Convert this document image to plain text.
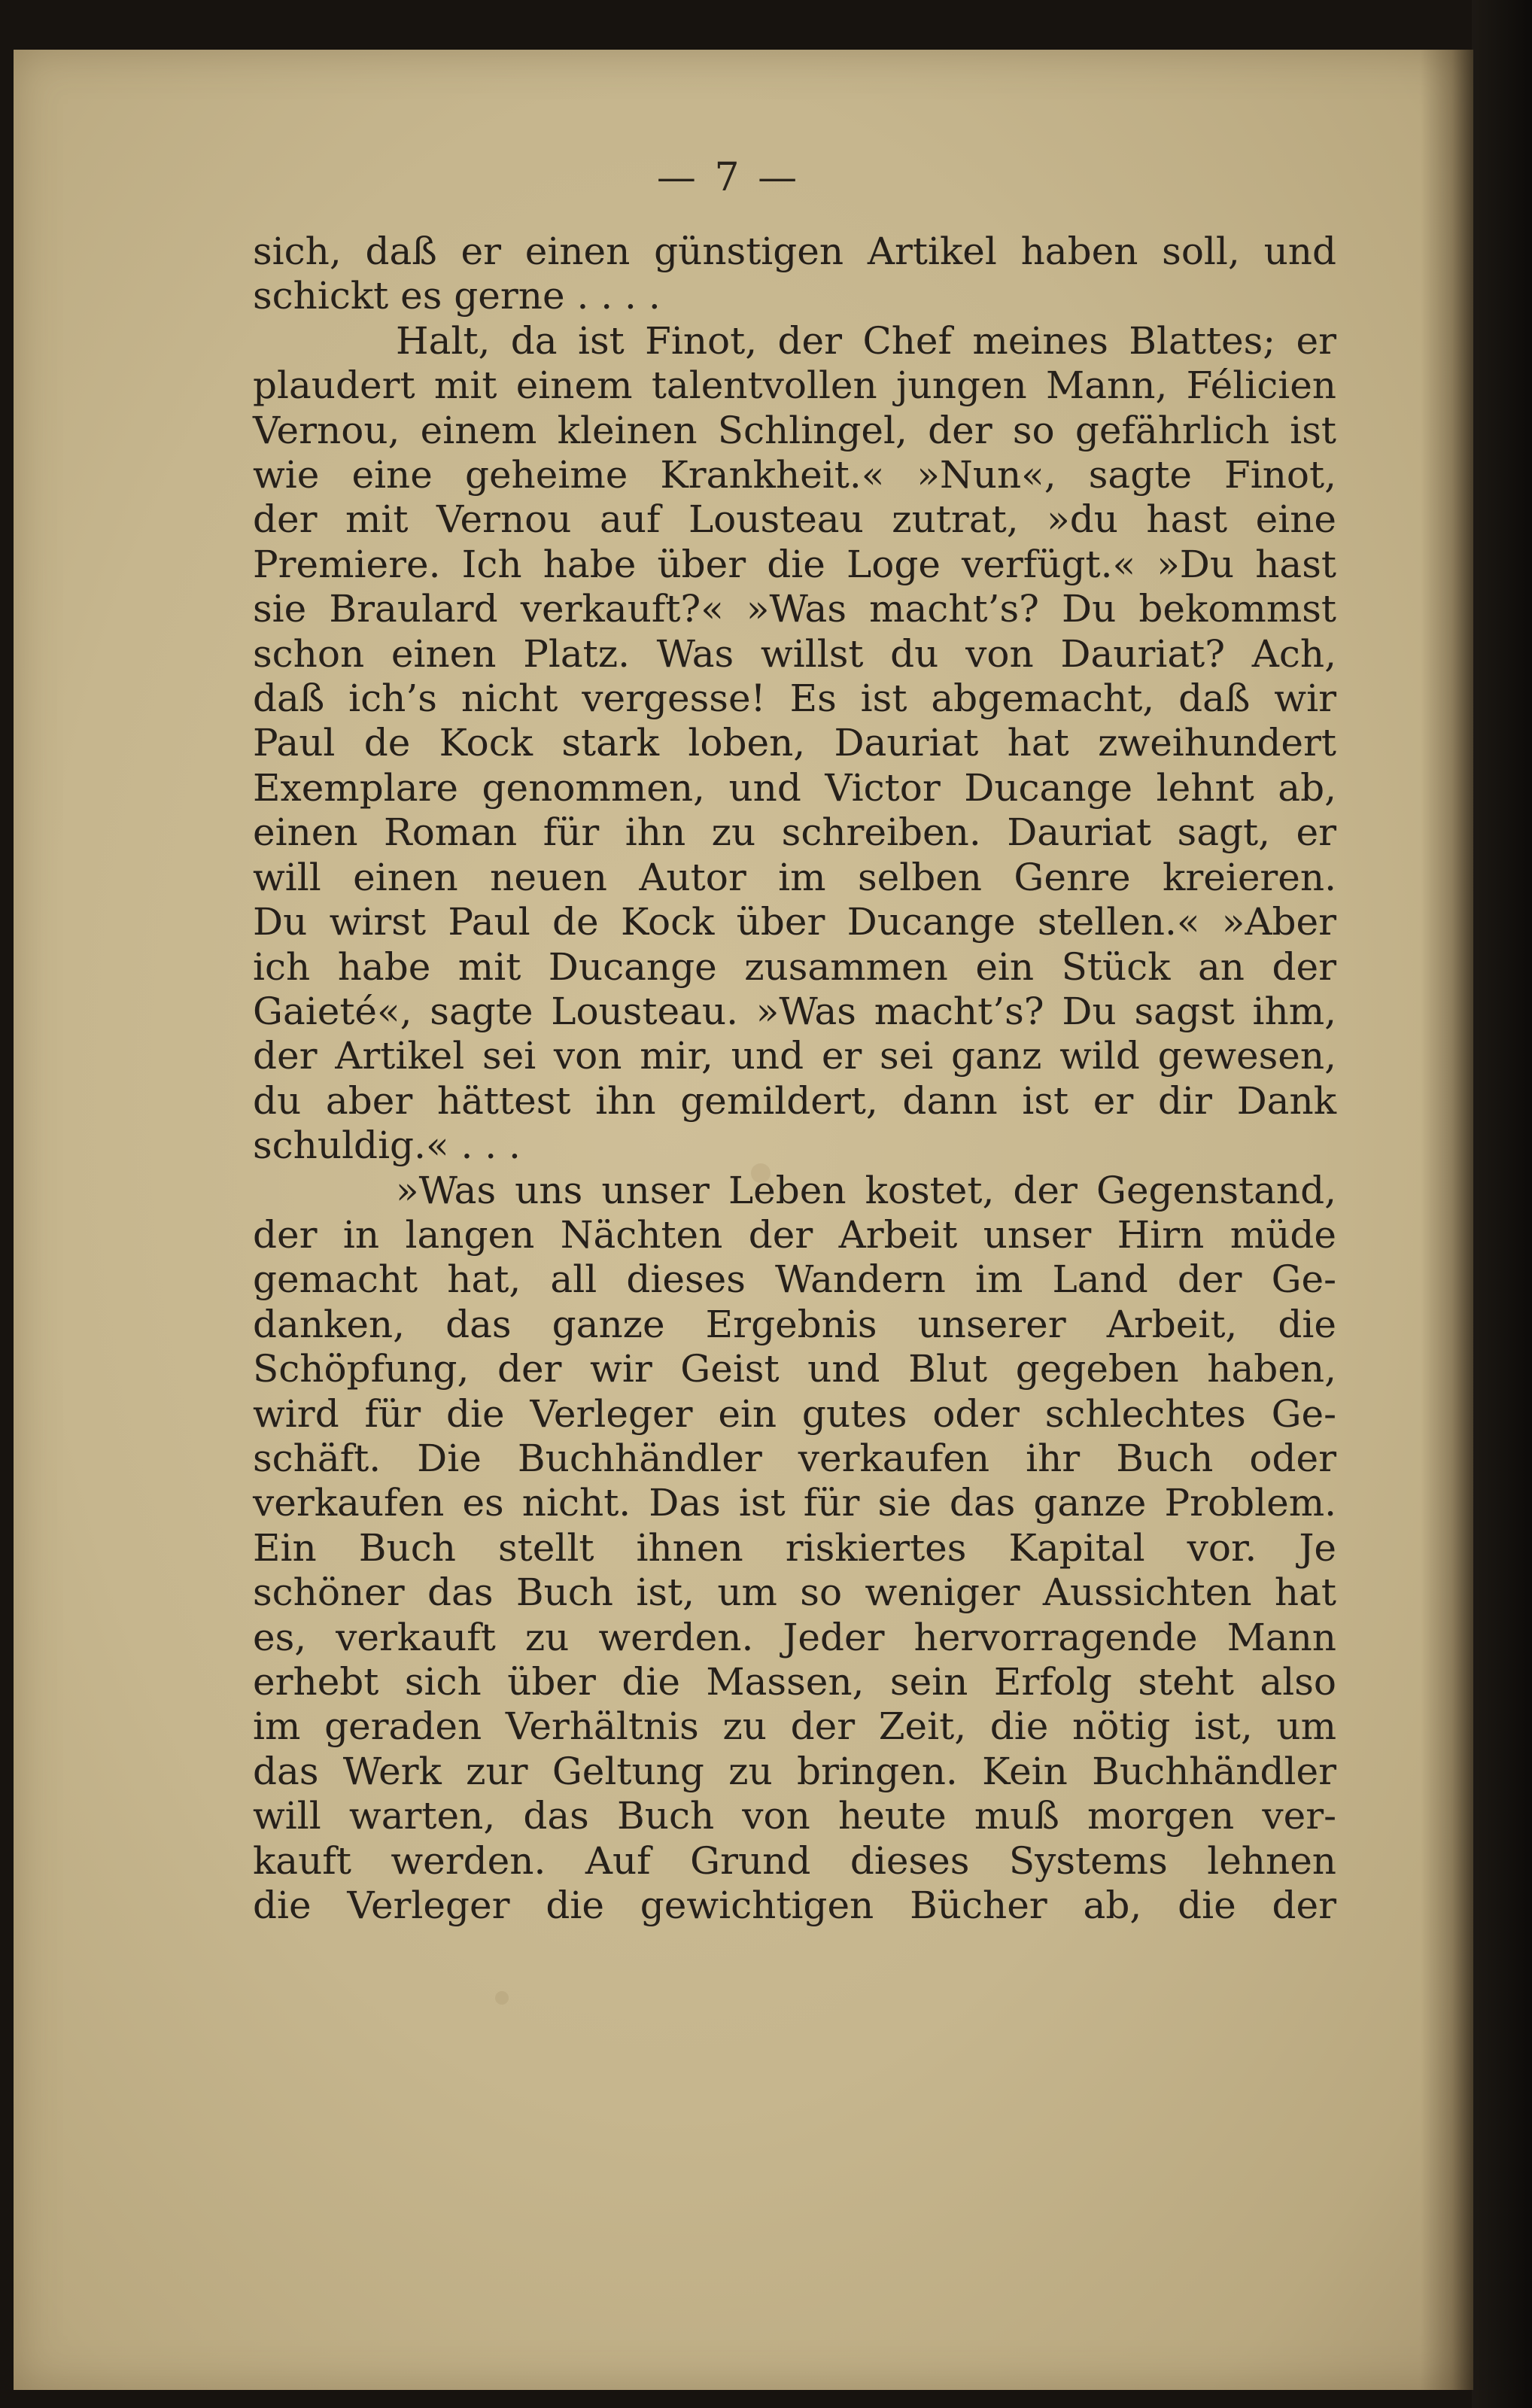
— 7 —
sich, daß er einen günstigen Artikel haben soll, und
schickt es gerne . . . .
Halt, da ist Finot, der Chef meines Blattes; er
plaudert mit einem talentvollen jungen Mann, Félicien
Vernou, einem kleinen Schlingel, der so gefährlich ist
wie eine geheime Krankheit.« »Nun«, sagte Finot,
der mit Vernou auf Lousteau zutrat, »du hast eine
Premiere. Ich habe über die Loge verfügt.« »Du hast
sie Braulard verkauft?« »Was macht’s? Du bekommst
schon einen Platz. Was willst du von Dauriat? Ach,
daß ich’s nicht vergesse! Es ist abgemacht, daß wir
Paul de Kock stark loben, Dauriat hat zweihundert
Exemplare genommen, und Victor Ducange lehnt ab,
einen Roman für ihn zu schreiben. Dauriat sagt, er
will einen neuen Autor im selben Genre kreieren.
Du wirst Paul de Kock über Ducange stellen.« »Aber
ich habe mit Ducange zusammen ein Stück an der
Gaieté«, sagte Lousteau. »Was macht’s? Du sagst ihm,
der Artikel sei von mir, und er sei ganz wild gewesen,
du aber hättest ihn gemildert, dann ist er dir Dank
schuldig.« . . .
»Was uns unser Leben kostet, der Gegenstand,
der in langen Nächten der Arbeit unser Hirn müde
gemacht hat, all dieses Wandern im Land der Ge-
danken, das ganze Ergebnis unserer Arbeit, die
Schöpfung, der wir Geist und Blut gegeben haben,
wird für die Verleger ein gutes oder schlechtes Ge-
schäft. Die Buchhändler verkaufen ihr Buch oder
verkaufen es nicht. Das ist für sie das ganze Problem.
Ein Buch stellt ihnen riskiertes Kapital vor. Je
schöner das Buch ist, um so weniger Aussichten hat
es, verkauft zu werden. Jeder hervorragende Mann
erhebt sich über die Massen, sein Erfolg steht also
im geraden Verhältnis zu der Zeit, die nötig ist, um
das Werk zur Geltung zu bringen. Kein Buchhändler
will warten, das Buch von heute muß morgen ver-
kauft werden. Auf Grund dieses Systems lehnen
die Verleger die gewichtigen Bücher ab, die der
